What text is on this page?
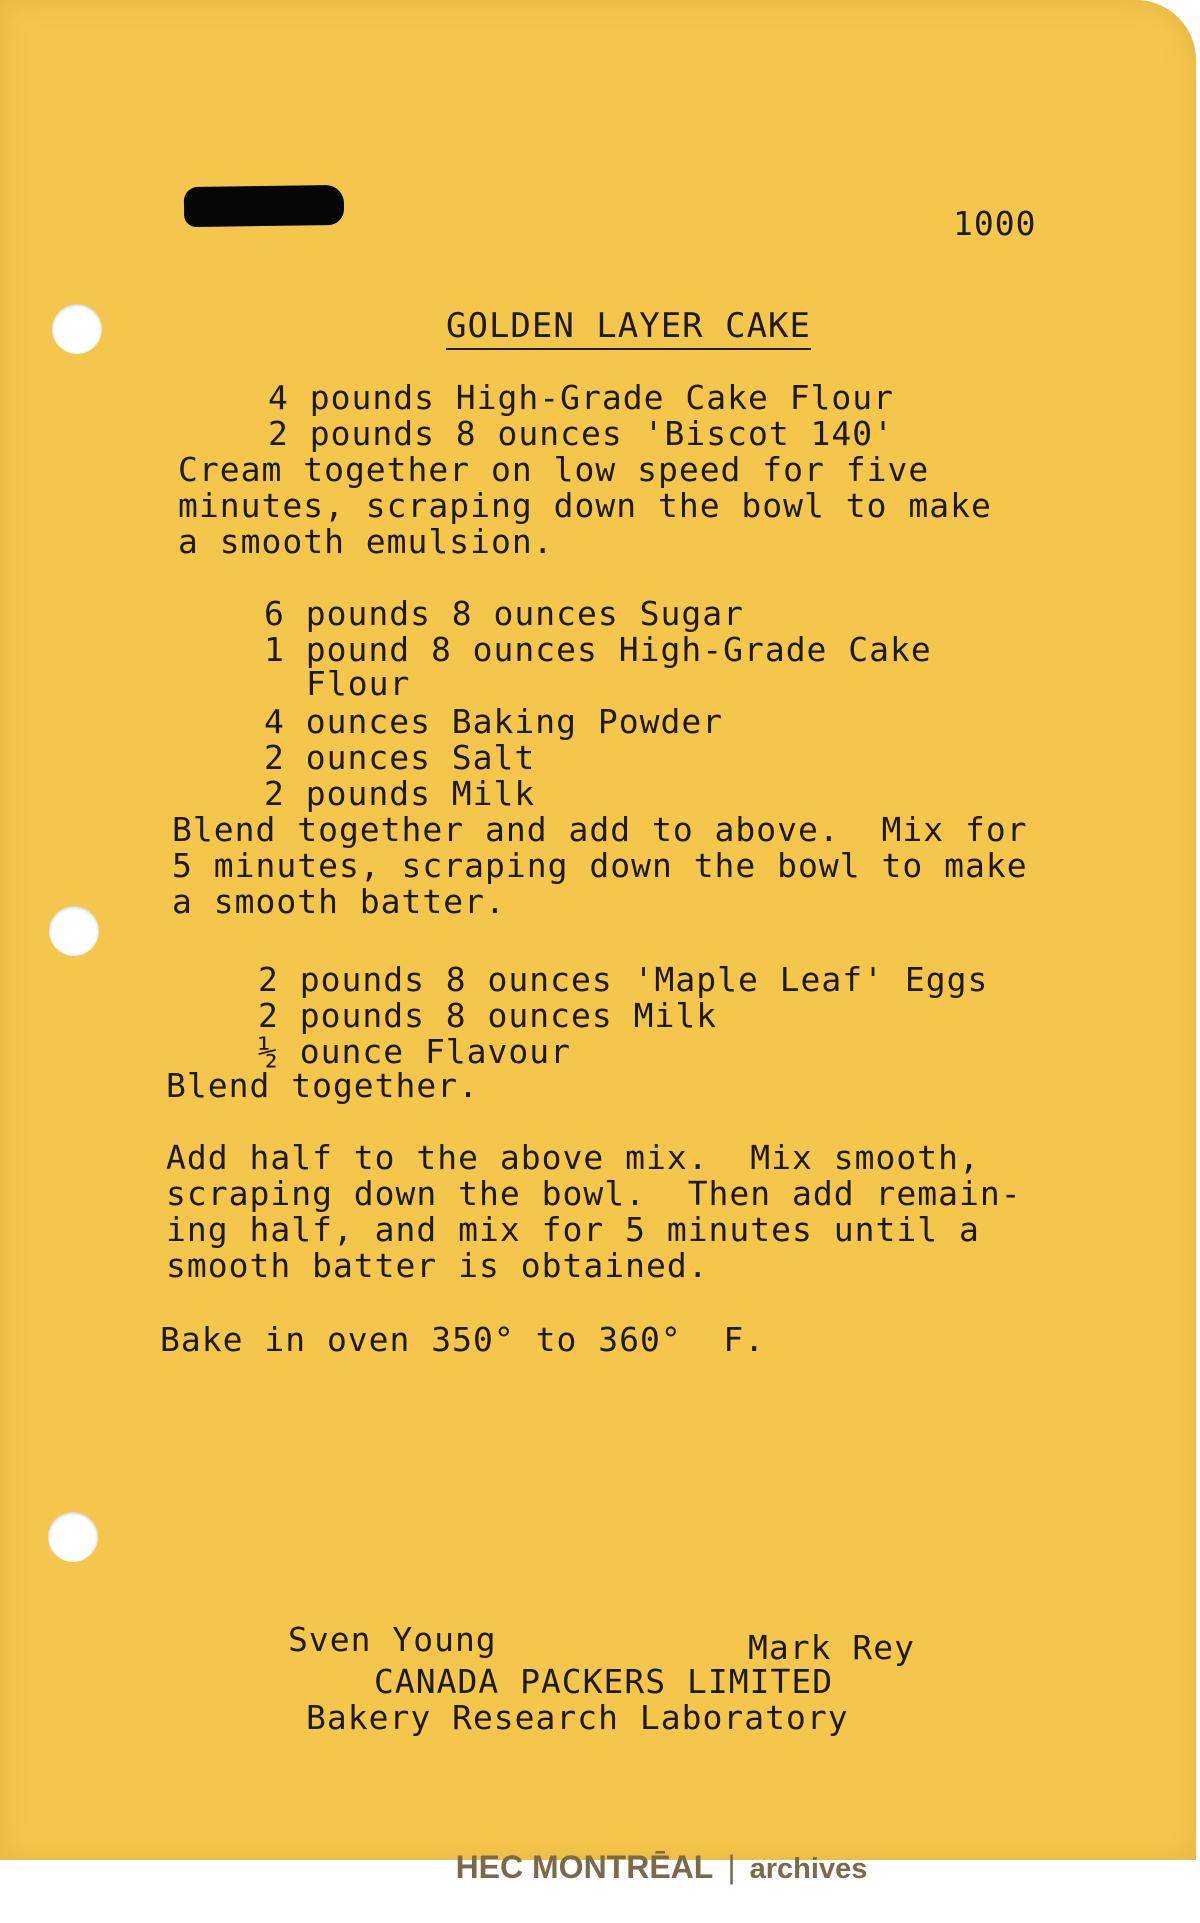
1000
GOLDEN LAYER CAKE
4 pounds High-Grade Cake Flour
2 pounds 8 ounces 'Biscot 140'
Cream together on low speed for five
minutes, scraping down the bowl to make
a smooth emulsion.
6 pounds 8 ounces Sugar
1 pound 8 ounces High-Grade Cake
Flour
4 ounces Baking Powder
2 ounces Salt
2 pounds Milk
Blend together and add to above.  Mix for
5 minutes, scraping down the bowl to make
a smooth batter.
2 pounds 8 ounces 'Maple Leaf' Eggs
2 pounds 8 ounces Milk
½ ounce Flavour
Blend together.
Add half to the above mix.  Mix smooth,
scraping down the bowl.  Then add remain-
ing half, and mix for 5 minutes until a
smooth batter is obtained.
Bake in oven 350° to 360°  F.
Sven Young	Mark Rey
CANADA PACKERS LIMITED
Bakery Research Laboratory

HEC MONTRĒAL | archives
